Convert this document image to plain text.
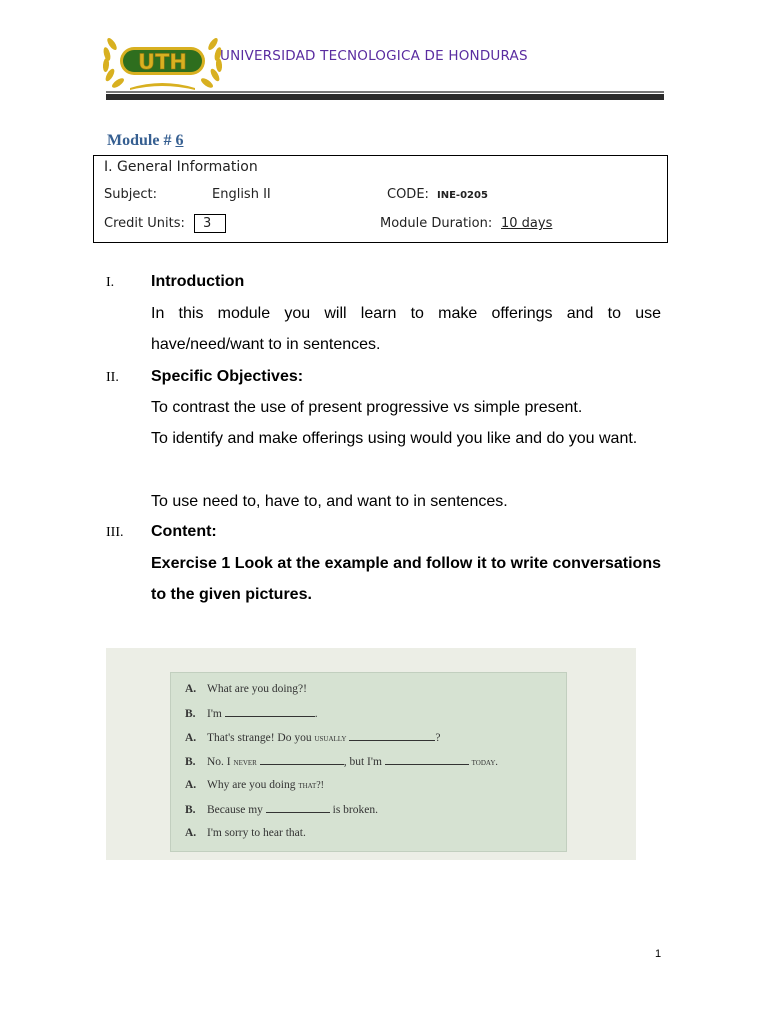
UTH UNIVERSIDAD TECNOLOGICA DE HONDURAS
Module # 6
I. General Information
Subject:	English II	CODE: INE-0205
Credit Units:	3	Module Duration: 10 days
I. Introduction
In this module you will learn to make offerings and to use have/need/want to in sentences.
II. Specific Objectives:
To contrast the use of present progressive vs simple present.
To identify and make offerings using would you like and do you want.
To use need to, have to, and want to in sentences.
III. Content:
Exercise 1 Look at the example and follow it to write conversations to the given pictures.
A. What are you doing?!
B. I'm	.
A. That's strange! Do you usually	?
B. No. I never	, but I'm	today.
A. Why are you doing that?!
B. Because my	is broken.
A. I'm sorry to hear that.
1
